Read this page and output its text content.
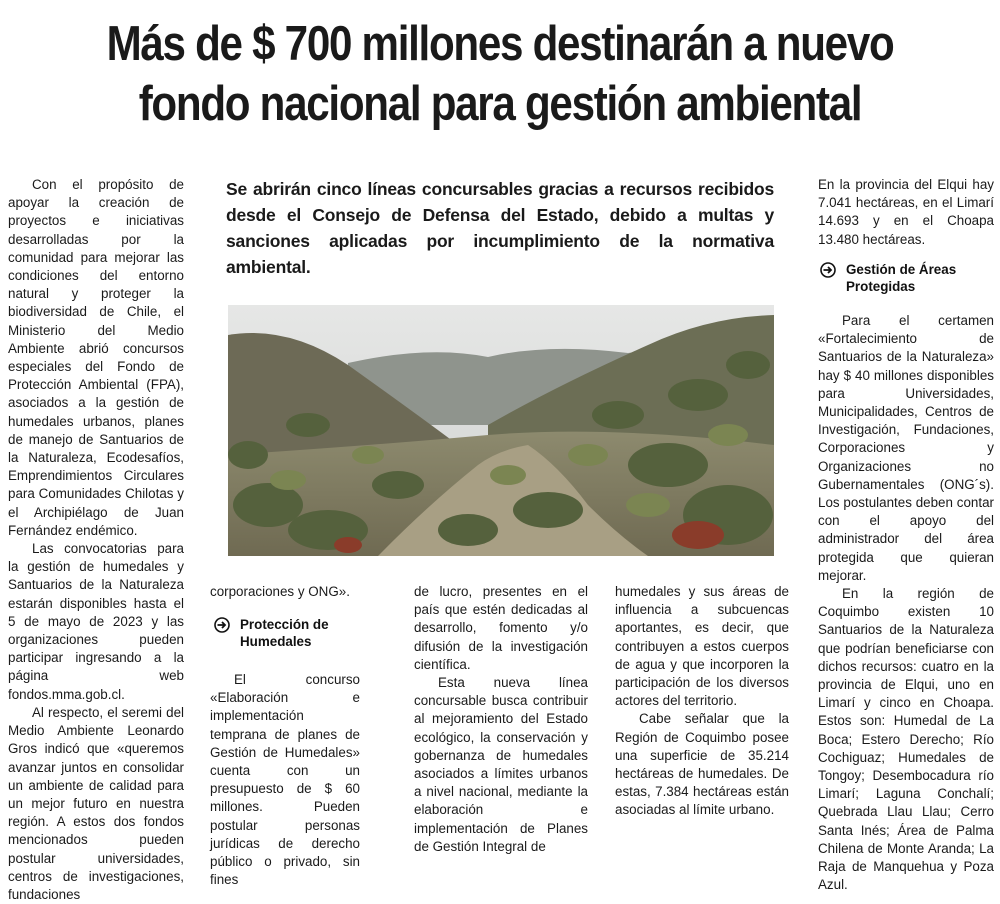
Más de $ 700 millones destinarán a nuevo
fondo nacional para gestión ambiental

Con el propósito de apoyar la creación de proyectos e iniciativas desarrolladas por la comunidad para mejorar las condiciones del entorno natural y proteger la biodiversidad de Chile, el Ministerio del Medio Ambiente abrió concursos especiales del Fondo de Protección Ambiental (FPA), asociados a la gestión de humedales urbanos, planes de manejo de Santuarios de la Naturaleza, Ecodesafíos, Emprendimientos Circulares para Comunidades Chilotas y el Archipiélago de Juan Fernández endémico.

Las convocatorias para la gestión de humedales y Santuarios de la Naturaleza estarán disponibles hasta el 5 de mayo de 2023 y las organizaciones pueden participar ingresando a la página web fondos.mma.gob.cl.

Al respecto, el seremi del Medio Ambiente Leonardo Gros indicó que «queremos avanzar juntos en consolidar un ambiente de calidad para un mejor futuro en nuestra región. A estos dos fondos mencionados pueden postular universidades, centros de investigaciones, fundaciones

Se abrirán cinco líneas concursables gracias a recursos recibidos desde el Consejo de Defensa del Estado, debido a multas y sanciones aplicadas por incumplimiento de la normativa ambiental.

corporaciones y ONG».

Protección de Humedales

El concurso «Elaboración e implementación temprana de planes de Gestión de Humedales» cuenta con un presupuesto de $ 60 millones. Pueden postular personas jurídicas de derecho público o privado, sin fines

de lucro, presentes en el país que estén dedicadas al desarrollo, fomento y/o difusión de la investigación científica.

Esta nueva línea concursable busca contribuir al mejoramiento del Estado ecológico, la conservación y gobernanza de humedales asociados a límites urbanos a nivel nacional, mediante la elaboración e implementación de Planes de Gestión Integral de

humedales y sus áreas de influencia a subcuencas aportantes, es decir, que contribuyen a estos cuerpos de agua y que incorporen la participación de los diversos actores del territorio.

Cabe señalar que la Región de Coquimbo posee una superficie de 35.214 hectáreas de humedales. De estas, 7.384 hectáreas están asociadas al límite urbano.

En la provincia del Elqui hay 7.041 hectáreas, en el Limarí 14.693 y en el Choapa 13.480 hectáreas.

Gestión de Áreas Protegidas

Para el certamen «Fortalecimiento de Santuarios de la Naturaleza» hay $ 40 millones disponibles para Universidades, Municipalidades, Centros de Investigación, Fundaciones, Corporaciones y Organizaciones no Gubernamentales (ONG´s). Los postulantes deben contar con el apoyo del administrador del área protegida que quieran mejorar.

En la región de Coquimbo existen 10 Santuarios de la Naturaleza que podrían beneficiarse con dichos recursos: cuatro en la provincia de Elqui, uno en Limarí y cinco en Choapa. Estos son: Humedal de La Boca; Estero Derecho; Río Cochiguaz; Humedales de Tongoy; Desembocadura río Limarí; Laguna Conchalí; Quebrada Llau Llau; Cerro Santa Inés; Área de Palma Chilena de Monte Aranda; La Raja de Manquehua y Poza Azul.
